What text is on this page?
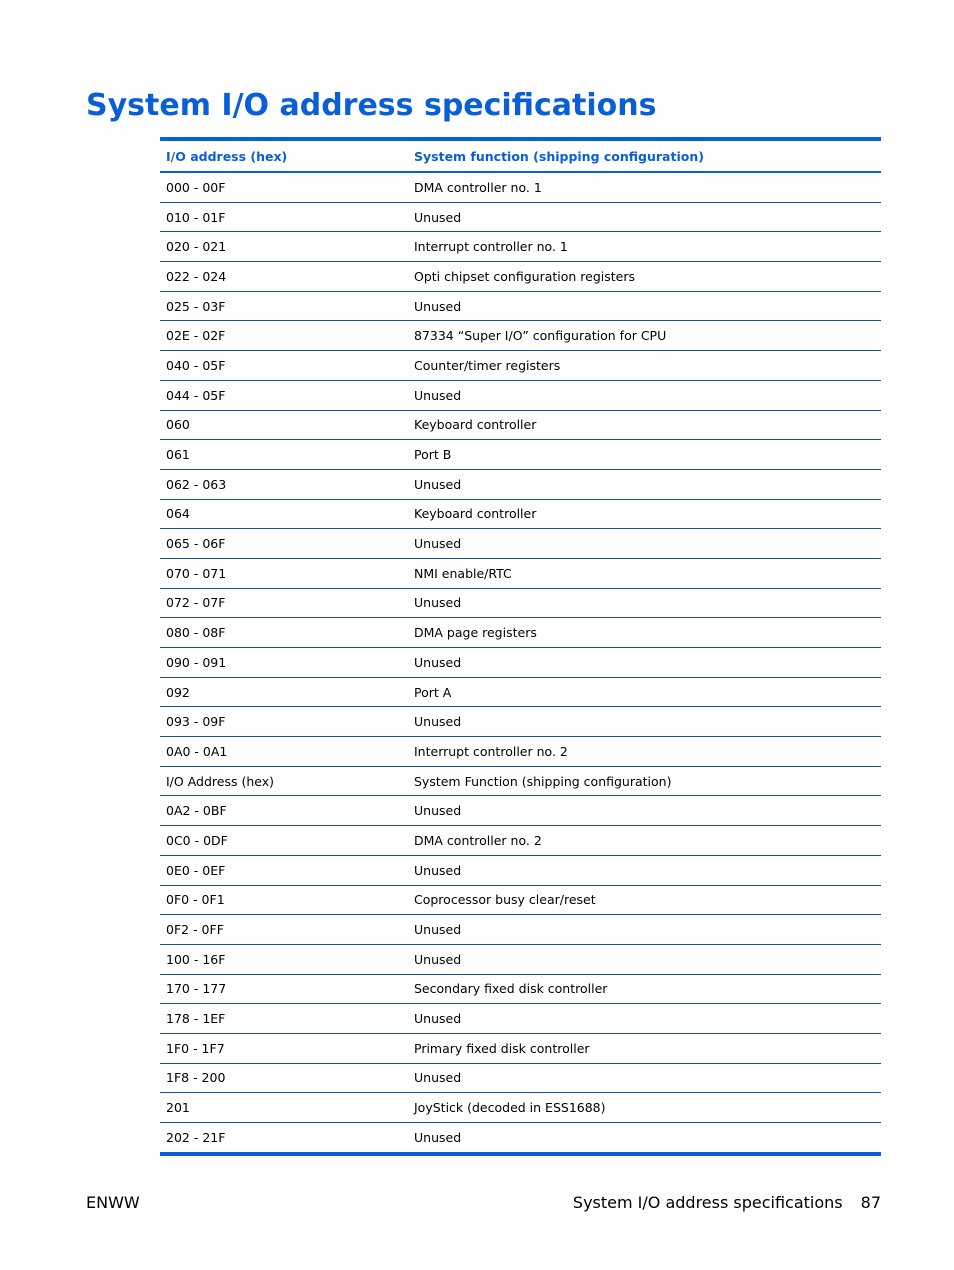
System I/O address specifications
I/O address (hex)	System function (shipping configuration)
000 - 00F	DMA controller no. 1
010 - 01F	Unused
020 - 021	Interrupt controller no. 1
022 - 024	Opti chipset configuration registers
025 - 03F	Unused
02E - 02F	87334 “Super I/O” configuration for CPU
040 - 05F	Counter/timer registers
044 - 05F	Unused
060	Keyboard controller
061	Port B
062 - 063	Unused
064	Keyboard controller
065 - 06F	Unused
070 - 071	NMI enable/RTC
072 - 07F	Unused
080 - 08F	DMA page registers
090 - 091	Unused
092	Port A
093 - 09F	Unused
0A0 - 0A1	Interrupt controller no. 2
I/O Address (hex)	System Function (shipping configuration)
0A2 - 0BF	Unused
0C0 - 0DF	DMA controller no. 2
0E0 - 0EF	Unused
0F0 - 0F1	Coprocessor busy clear/reset
0F2 - 0FF	Unused
100 - 16F	Unused
170 - 177	Secondary fixed disk controller
178 - 1EF	Unused
1F0 - 1F7	Primary fixed disk controller
1F8 - 200	Unused
201	JoyStick (decoded in ESS1688)
202 - 21F	Unused
ENWW	System I/O address specifications 87
